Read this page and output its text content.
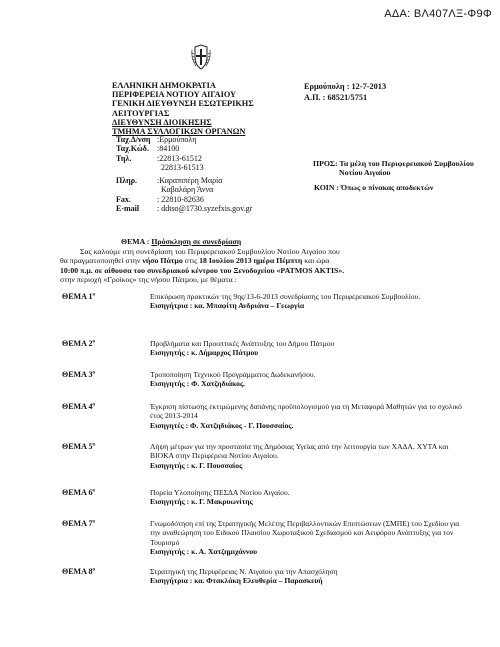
ΑΔΑ: ΒΛ407ΛΞ-Φ9Φ
ΕΛΛΗΝΙΚΗ ΔΗΜΟΚΡΑΤΙΑ
ΠΕΡΙΦΕΡΕΙΑ ΝΟΤΙΟΥ ΑΙΓΑΙΟΥ
ΓΕΝΙΚΗ ΔΙΕΥΘΥΝΣΗ ΕΣΩΤΕΡΙΚΗΣ
ΛΕΙΤΟΥΡΓΙΑΣ
ΔΙΕΥΘΥΝΣΗ ΔΙΟΙΚΗΣΗΣ
ΤΜΗΜΑ ΣΥΛΛΟΓΙΚΩΝ ΟΡΓΑΝΩΝ
Ερμούπολη : 12-7-2013
Α.Π. : 68521/5751
Ταχ.Δ/νση :Ερμούπολη
Ταχ.Κώδ.	:84100
Τηλ.	:22813-61512
22813-61513
Πληρ.	:Καραπιπέρη Μαρία
Καβαλάρη Άννα
Fax.	: 22810-82636
E-mail	: ddtso@1730.syzefxis.gov.gr
ΠΡΟΣ: Τα μέλη του Περιφερειακού Συμβουλίου
Νοτίου Αιγαίου
ΚΟΙΝ : Όπως ο πίνακας αποδεκτών
ΘΕΜΑ : Πρόσκληση σε συνεδρίαση

Σας καλούμε στη συνεδρίαση του Περιφερειακού Συμβουλίου Νοτίου Αιγαίου που

θα πραγματοποιηθεί στην νήσο Πάτμο στις 18 Ιουλίου 2013 ημέρα Πέμπτη και ώρα
10:00 π.μ. σε αίθουσα του συνεδριακού κέντρου του Ξενοδοχείου «PATMOS AKTIS».
στην περιοχή «Γροίκος» της νήσου Πάτμου, με θέματα :
ΘΕΜΑ $1^o$	Επικύρωση πρακτικών της 9ης/13-6-2013 συνεδρίασης του Περιφερειακού Συμβουλίου.
Εισηγήτρια : κα. Μπαφίτη Ανδριάνα – Γεωργία
ΘΕΜΑ $2^o$	Προβλήματα και Προοπτικές Ανάπτυξης του Δήμου Πάτμου
Εισηγητής : κ. Δήμαρχος Πάτμου
ΘΕΜΑ $3^o$	Τροποποίηση Τεχνικού Προγράμματος Δωδεκανήσου.
Εισηγητής : Φ. Χατζηδιάκος.
ΘΕΜΑ $4^o$	Έγκριση πίστωσης εκτιμώμενης δαπάνης προϋπολογισμού για τη Μεταφορά Μαθητών για το σχολικό έτος 2013-2014
Εισηγητές : Φ. Χατζηδιάκος - Γ. Πουσσαίος.
ΘΕΜΑ $5^o$	Λήψη μέτρων για την προστασία της Δημόσιας Υγείας από την λειτουργία των ΧΑΔΑ, ΧΥΤΑ και ΒΙΟΚΑ στην Περιφέρεια Νοτίου Αιγαίου.
Εισηγητής : κ. Γ. Πουσσαίος
ΘΕΜΑ $6^o$	Πορεία Υλοποίησης ΠΕΣΔΑ Νοτίου Αιγαίου.
Εισηγητής : κ. Γ. Μακρυωνίτης
ΘΕΜΑ $7^o$	Γνωμοδότηση επί της Στρατηγικής Μελέτης Περιβαλλοντικών Επιπτώσεων (ΣΜΠΕ) του Σχεδίου για την αναθεώρηση του Ειδικού Πλαισίου Χωροταξικού Σχεδιασμού και Αειφόρου Ανάπτυξης για τον Τουρισμό
Εισηγητής : κ. Α. Χατζημιχάννου
ΘΕΜΑ $8^o$	Στρατηγική της Περιφέρειας Ν. Αιγαίου για την Απασχόληση
Εισηγήτρια : κα. Φτακλάκη Ελευθερία – Παρασκευή
